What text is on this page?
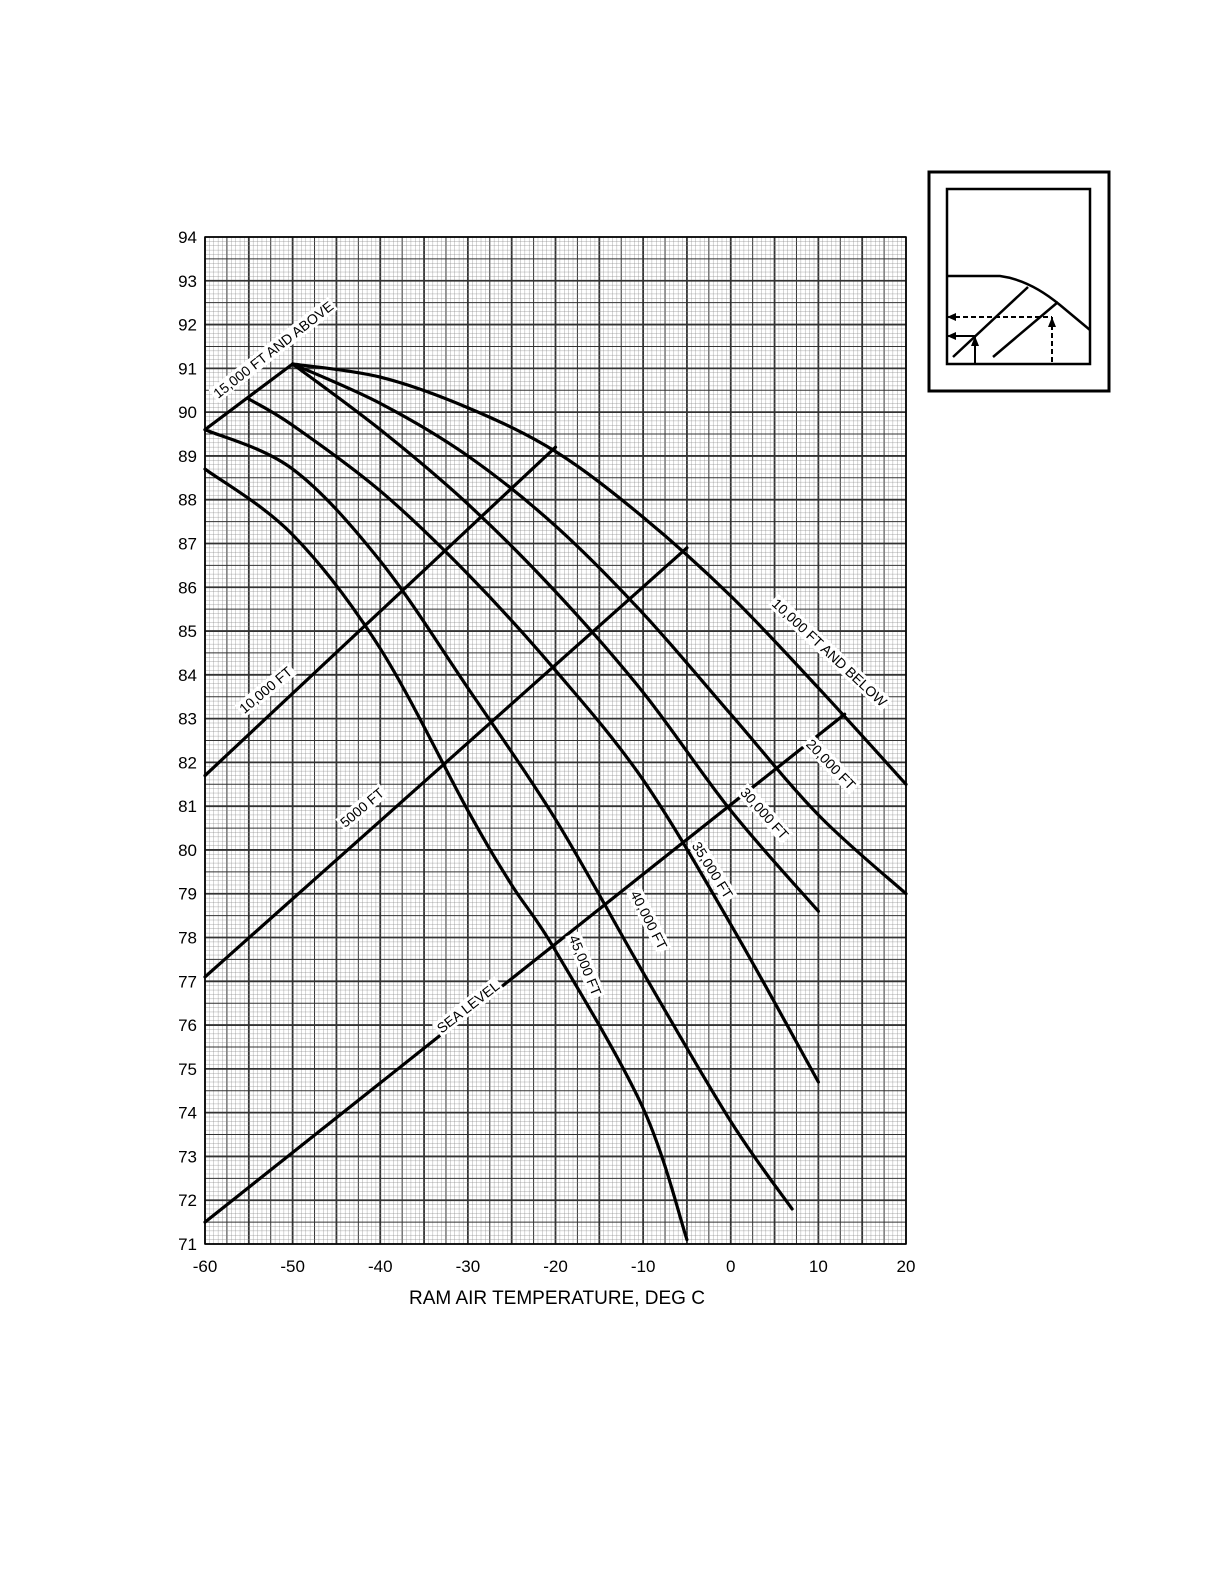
-60	-50	-40	-30	-20	-10	0	10	20
71
72
73
74
75
76
77
78
79
80
81
82
83
84
85
86
87
88
89
90
91
92
93
94
15,000 FT AND ABOVE
10,000 FT AND BELOW
10,000 FT
5000 FT
SEA LEVEL
20,000 FT
30,000 FT
35,000 FT
40,000 FT
45,000 FT
RAM AIR TEMPERATURE, DEG C
